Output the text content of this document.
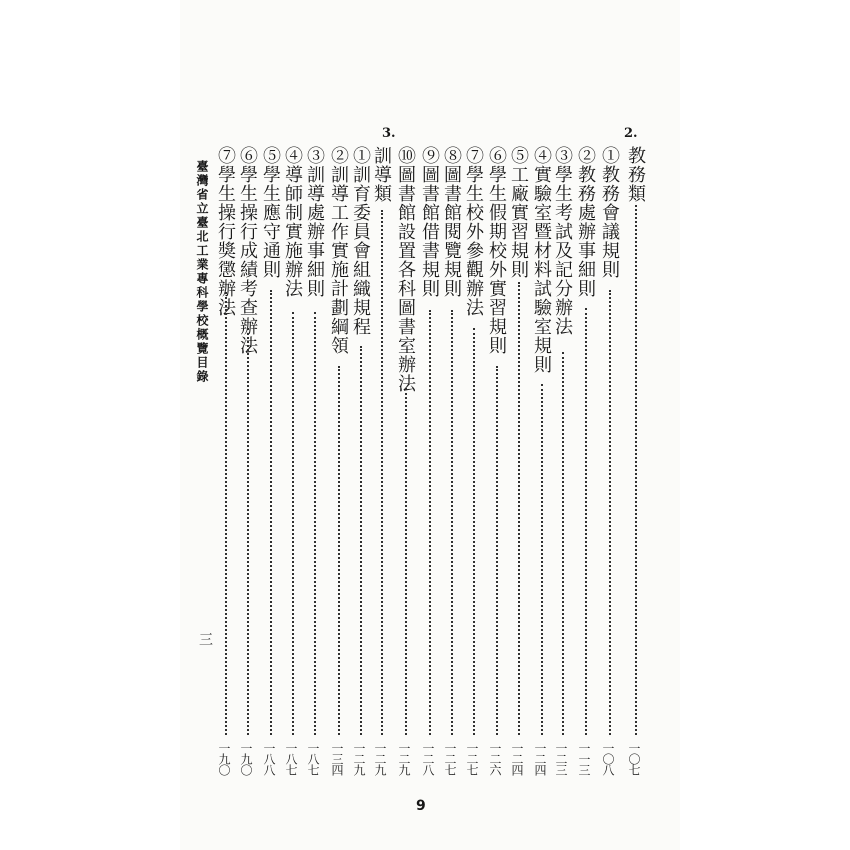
2.
教務類
一〇七
①教務會議規則
一〇八
②教務處辦事細則
一一三
③學生考試及記分辦法
一二三
④實驗室暨材料試驗室規則
一二四
⑤工廠實習規則
一二四
⑥學生假期校外實習規則
一二六
⑦學生校外參觀辦法
一二七
⑧圖書館閱覽規則
一二七
⑨圖書館借書規則
一二八
⑩圖書館設置各科圖書室辦法
一二九
3.
訓導類
一二九
①訓育委員會組織規程
一二九
②訓導工作實施計劃綱領
一三四
③訓導處辦事細則
一八七
④導師制實施辦法
一八七
⑤學生應守通則
一八八
⑥學生操行成績考查辦法
一九〇
⑦學生操行獎懲辦法
一九〇
臺灣省立臺北工業專科學校概覽目錄
三
9
